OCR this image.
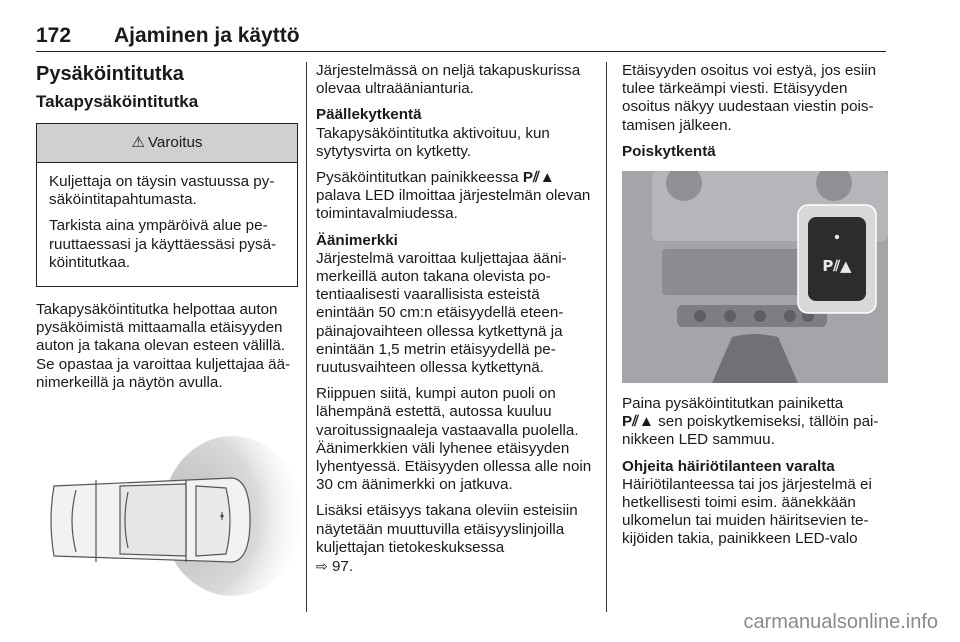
172 Ajaminen ja käyttö
Pysäköintitutka
Takapysäköintitutka
⚠ Varoitus

Kuljettaja on täysin vastuussa pysäköintitapahtumasta.

Tarkista aina ympäröivä alue peruuttaessasi ja käyttäessäsi pysäköintitutkaa.

Takapysäköintitutka helpottaa auton pysäköimistä mittaamalla etäisyyden auton ja takana olevan esteen välillä. Se opastaa ja varoittaa kuljettajaa äänimerkeillä ja näytön avulla.

Järjestelmässä on neljä takapuskurissa olevaa ultraäänianturia.

Päällekytkentä

Takapysäköintitutka aktivoituu, kun sytytysvirta on kytketty.

Pysäköintitutkan painikkeessa P⫽▲ palava LED ilmoittaa järjestelmän olevan toimintavalmiudessa.

Äänimerkki

Järjestelmä varoittaa kuljettajaa äänimerkeillä auton takana olevista potentiaalisesti vaarallisista esteistä enintään 50 cm:n etäisyydellä eteenpäinajovaihteen ollessa kytkettynä ja enintään 1,5 metrin etäisyydellä peruutusvaihteen ollessa kytkettynä.

Riippuen siitä, kumpi auton puoli on lähempänä estettä, autossa kuuluu varoitussignaaleja vastaavalla puolella. Äänimerkkien väli lyhenee etäisyyden lyhentyessä. Etäisyyden ollessa alle noin 30 cm äänimerkki on jatkuva.

Lisäksi etäisyys takana oleviin esteisiin näytetään muuttuvilla etäisyyslinjoilla kuljettajan tietokeskuksessa
⇨ 97.

Etäisyyden osoitus voi estyä, jos esiin tulee tärkeämpi viesti. Etäisyyden osoitus näkyy uudestaan viestin poistamisen jälkeen.

Poiskytkentä
P⫽▲

Paina pysäköintitutkan painiketta
P⫽▲ sen poiskytkemiseksi, tällöin painikkeen LED sammuu.

Ohjeita häiriötilanteen varalta

Häiriötilanteessa tai jos järjestelmä ei hetkellisesti toimi esim. äänekkään ulkomelun tai muiden häiritsevien tekijöiden takia, painikkeen LED-valo

carmanualsonline.info
